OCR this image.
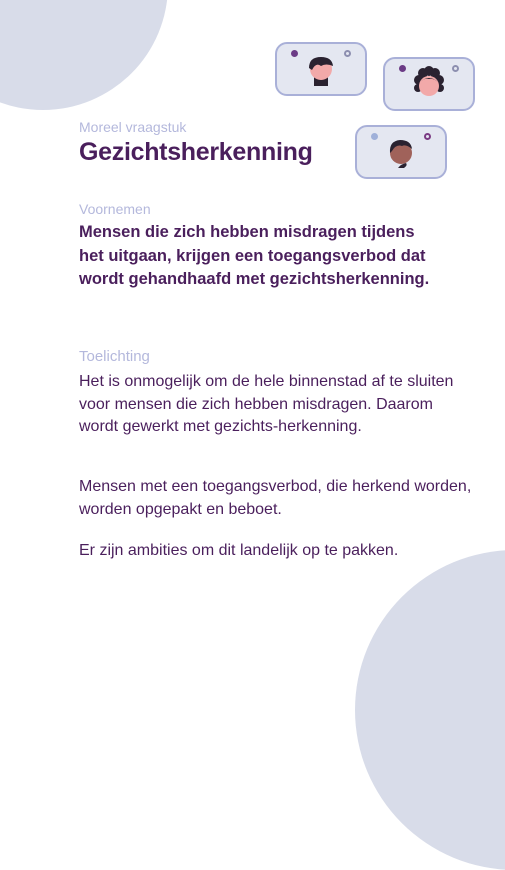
Moreel vraagstuk
Gezichtsherkenning
Voornemen

Mensen die zich hebben misdragen tijdens het uitgaan, krijgen een toegangsverbod dat wordt gehandhaafd met gezichtsherkenning.

Toelichting

Het is onmogelijk om de hele binnenstad af te sluiten voor mensen die zich hebben misdragen. Daarom wordt gewerkt met gezichts-herkenning.

Mensen met een toegangsverbod, die herkend worden, worden opgepakt en beboet.

Er zijn ambities om dit landelijk op te pakken.
